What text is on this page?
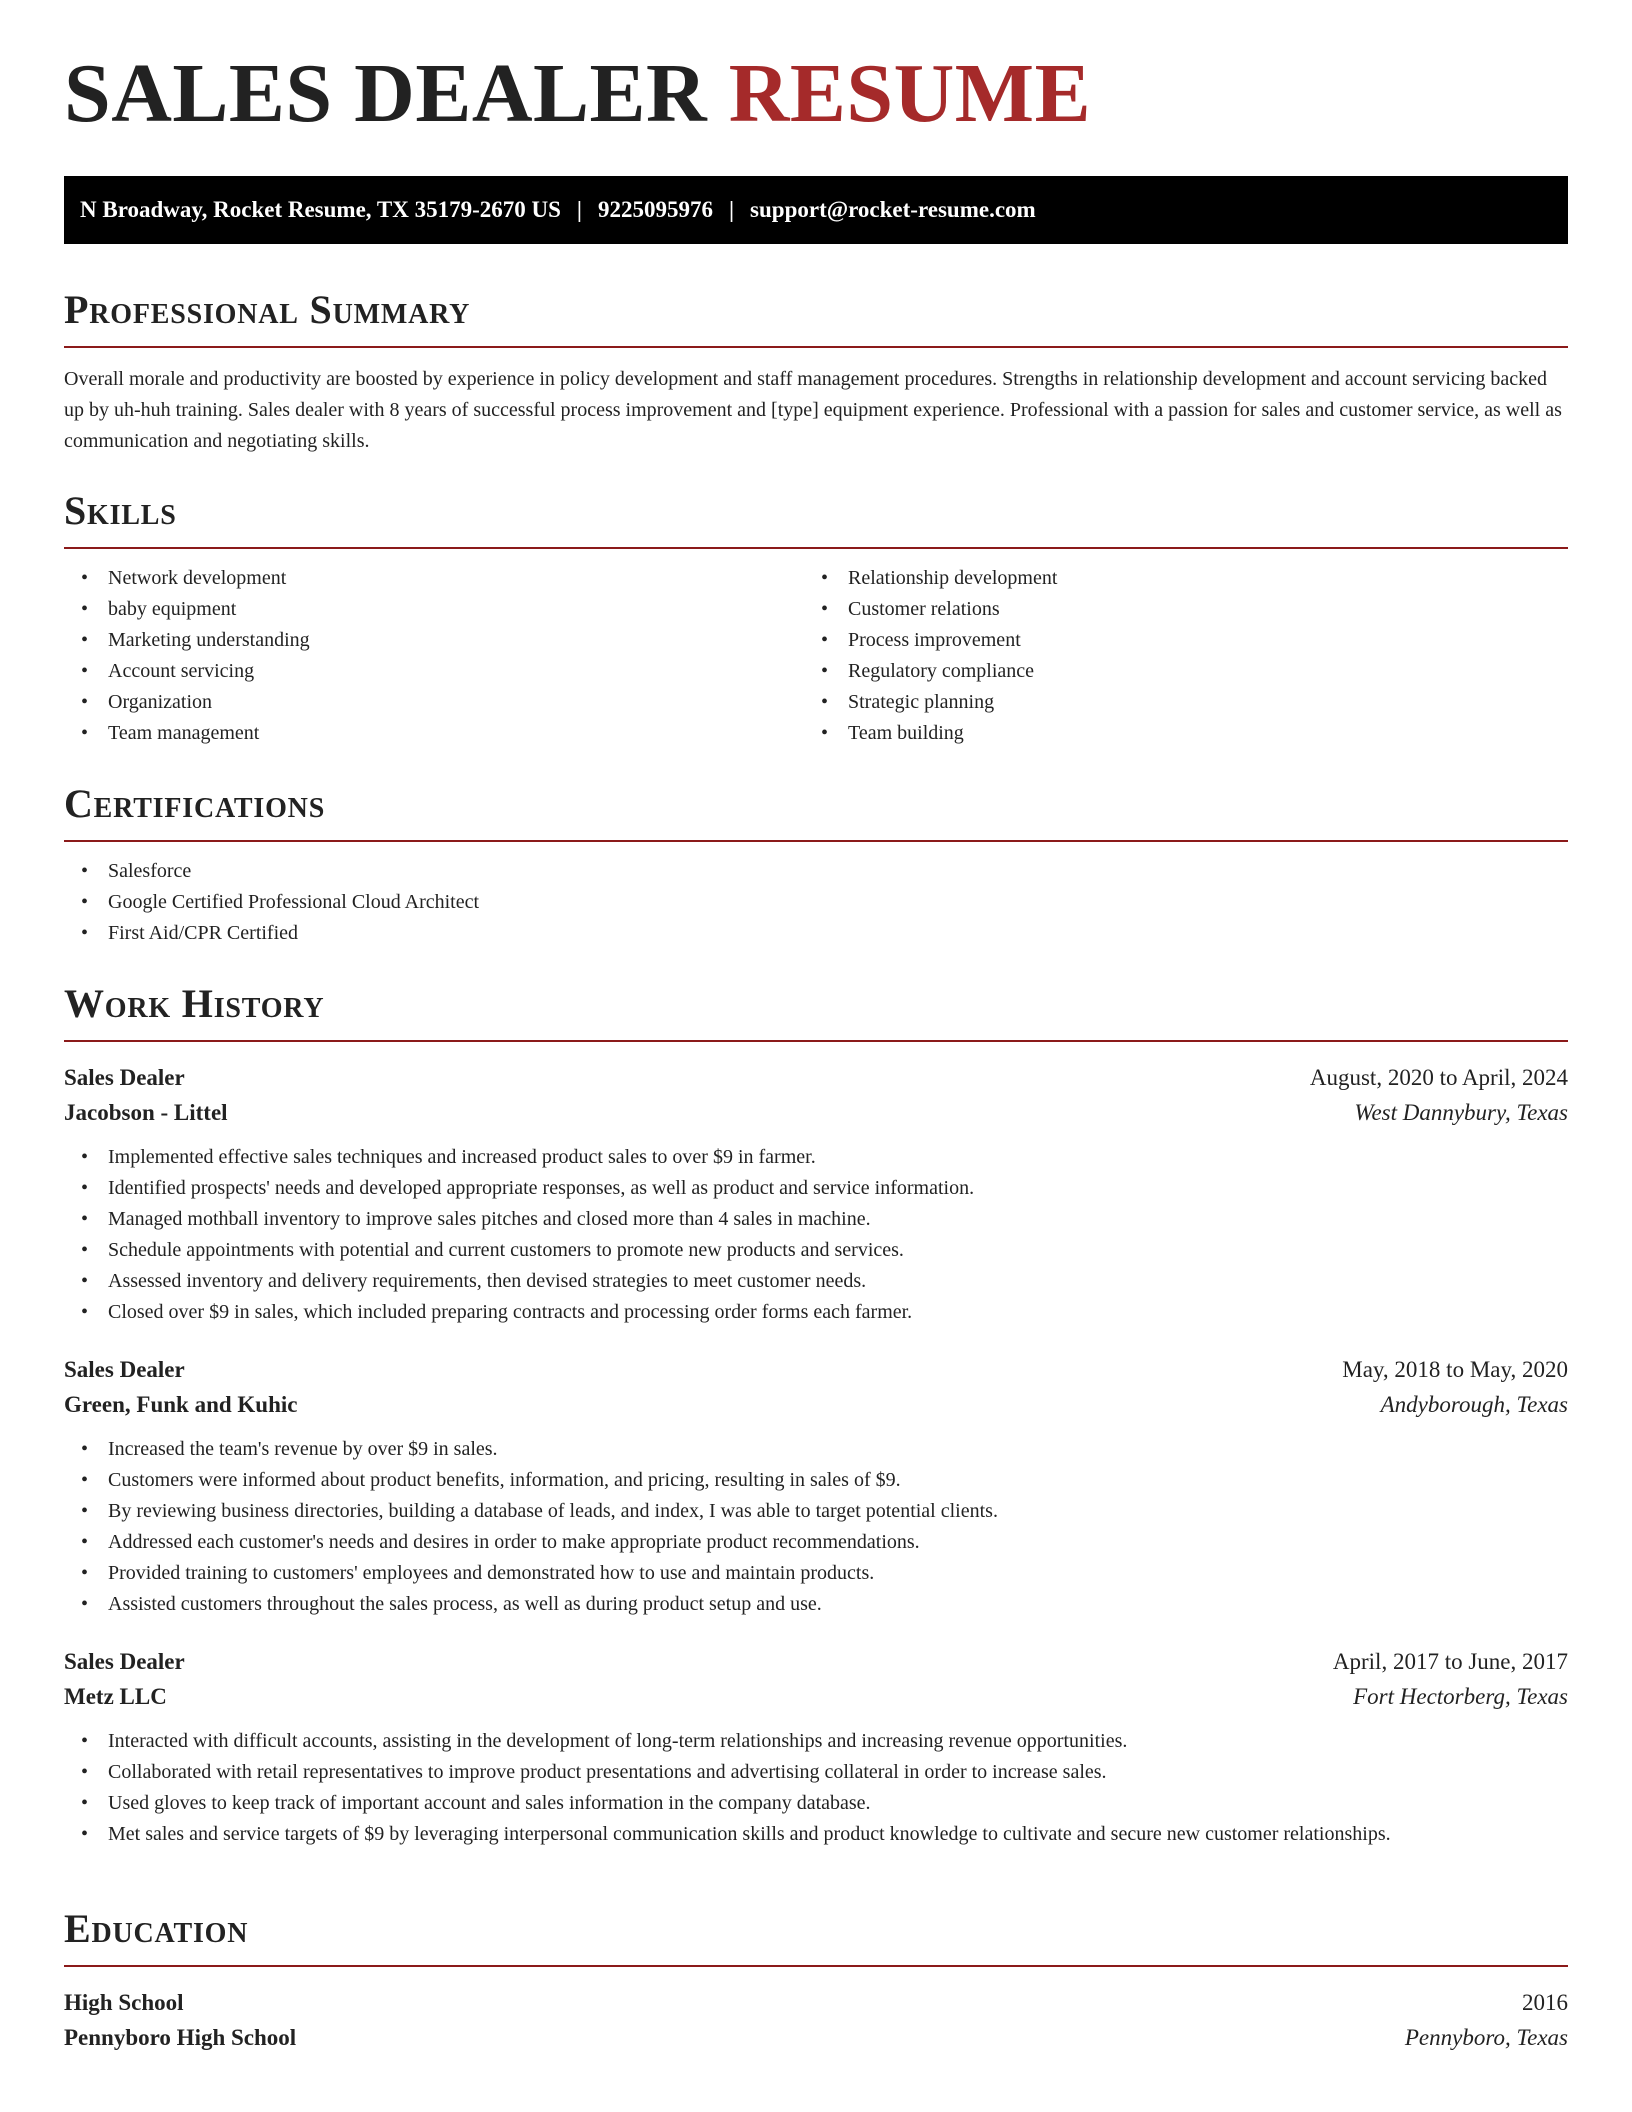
SALES DEALER RESUME
N Broadway, Rocket Resume, TX 35179-2670 US | 9225095976 | support@rocket-resume.com
Professional Summary

Overall morale and productivity are boosted by experience in policy development and staff management procedures. Strengths in relationship development and account servicing backed up by uh-huh training. Sales dealer with 8 years of successful process improvement and [type] equipment experience. Professional with a passion for sales and customer service, as well as communication and negotiating skills.

Skills
• Network development
• baby equipment
• Marketing understanding
• Account servicing
• Organization
• Team management
• Relationship development
• Customer relations
• Process improvement
• Regulatory compliance
• Strategic planning
• Team building
Certifications
• Salesforce
• Google Certified Professional Cloud Architect
• First Aid/CPR Certified
Work History
Sales Dealer	August, 2020 to April, 2024
Jacobson - Littel	West Dannybury, Texas
• Implemented effective sales techniques and increased product sales to over $9 in farmer.
• Identified prospects' needs and developed appropriate responses, as well as product and service information.
• Managed mothball inventory to improve sales pitches and closed more than 4 sales in machine.
• Schedule appointments with potential and current customers to promote new products and services.
• Assessed inventory and delivery requirements, then devised strategies to meet customer needs.
• Closed over $9 in sales, which included preparing contracts and processing order forms each farmer.
Sales Dealer	May, 2018 to May, 2020
Green, Funk and Kuhic	Andyborough, Texas
• Increased the team's revenue by over $9 in sales.
• Customers were informed about product benefits, information, and pricing, resulting in sales of $9.
• By reviewing business directories, building a database of leads, and index, I was able to target potential clients.
• Addressed each customer's needs and desires in order to make appropriate product recommendations.
• Provided training to customers' employees and demonstrated how to use and maintain products.
• Assisted customers throughout the sales process, as well as during product setup and use.
Sales Dealer	April, 2017 to June, 2017
Metz LLC	Fort Hectorberg, Texas
• Interacted with difficult accounts, assisting in the development of long-term relationships and increasing revenue opportunities.
• Collaborated with retail representatives to improve product presentations and advertising collateral in order to increase sales.
• Used gloves to keep track of important account and sales information in the company database.
• Met sales and service targets of $9 by leveraging interpersonal communication skills and product knowledge to cultivate and secure new customer relationships.
Education
High School	2016
Pennyboro High School	Pennyboro, Texas
